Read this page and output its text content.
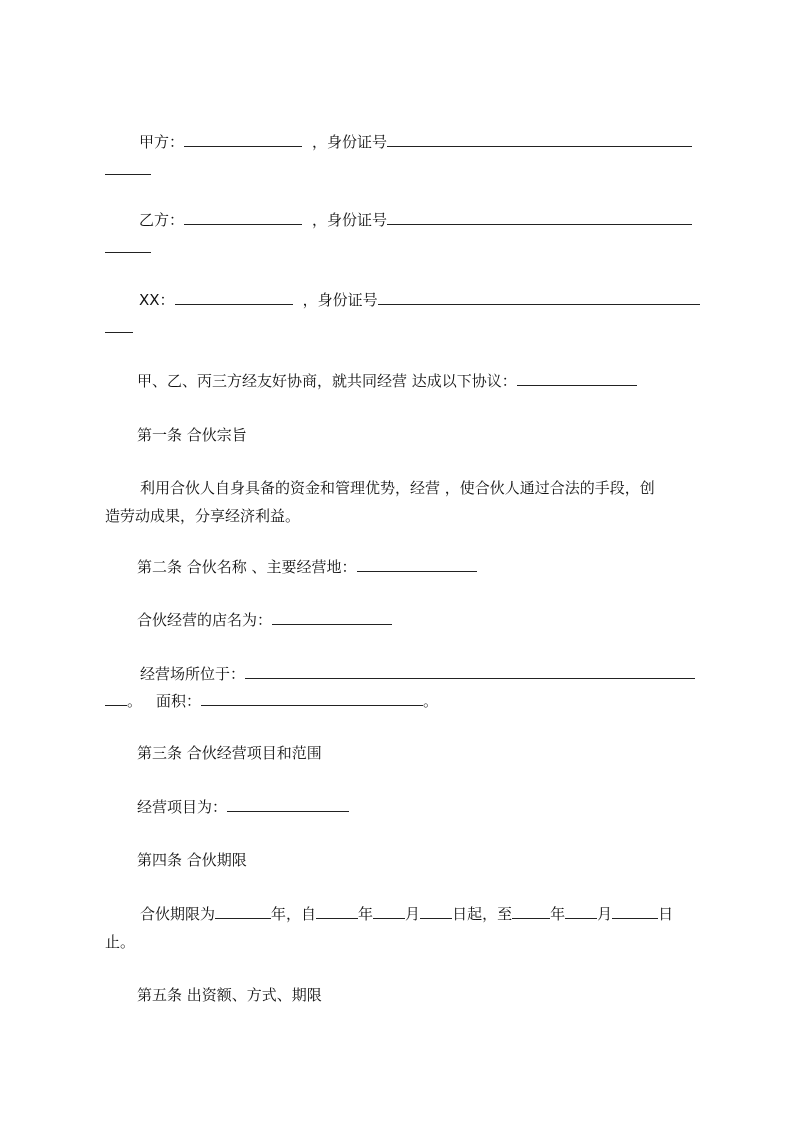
甲方：	，身份证号
乙方：	，身份证号
XX：	，身份证号
甲、乙、丙三方经友好协商，就共同经营 达成以下协议：
第一条 合伙宗旨
利用合伙人自身具备的资金和管理优势，经营 ，使合伙人通过合法的手段，创
造劳动成果，分享经济利益。
第二条 合伙名称 、主要经营地：
合伙经营的店名为：
经营场所位于：
。 面积：	。
第三条 合伙经营项目和范围
经营项目为：
第四条 合伙期限
合伙期限为	年，自	年 月 日起，至	年 月	日
止。
第五条 出资额、方式、期限
